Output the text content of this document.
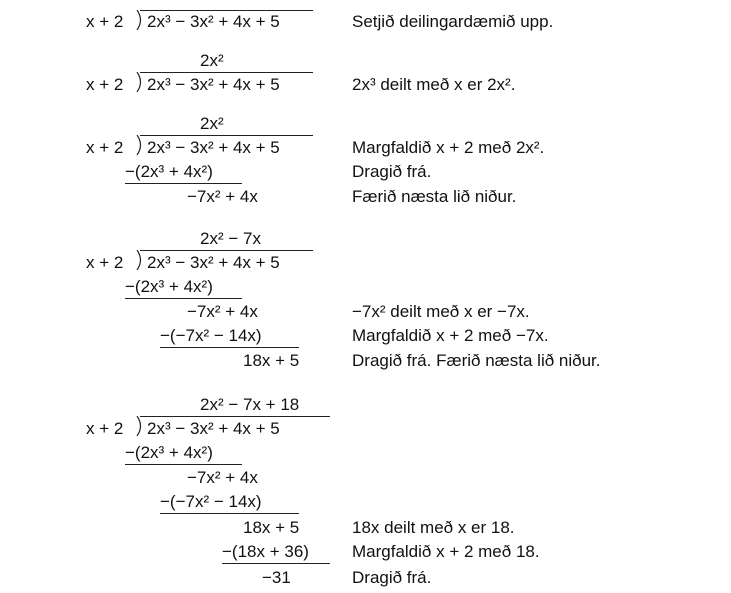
x + 2 2x³ − 3x² + 4x + 5	Setjið deilingardæmið upp.
2x²
x + 2 2x³ − 3x² + 4x + 5	2x³ deilt með x er 2x².
2x²
x + 2 2x³ − 3x² + 4x + 5	Margfaldið x + 2 með 2x².
−(2x³ + 4x²)	Dragið frá.
−7x² + 4x	Færið næsta lið niður.
2x² − 7x
x + 2 2x³ − 3x² + 4x + 5
−(2x³ + 4x²)
−7x² + 4x	−7x² deilt með x er −7x.
−(−7x² − 14x)	Margfaldið x + 2 með −7x.
18x + 5	Dragið frá. Færið næsta lið niður.
2x² − 7x + 18
x + 2 2x³ − 3x² + 4x + 5
−(2x³ + 4x²)
−7x² + 4x
−(−7x² − 14x)
18x + 5	18x deilt með x er 18.
−(18x + 36)	Margfaldið x + 2 með 18.
−31	Dragið frá.
